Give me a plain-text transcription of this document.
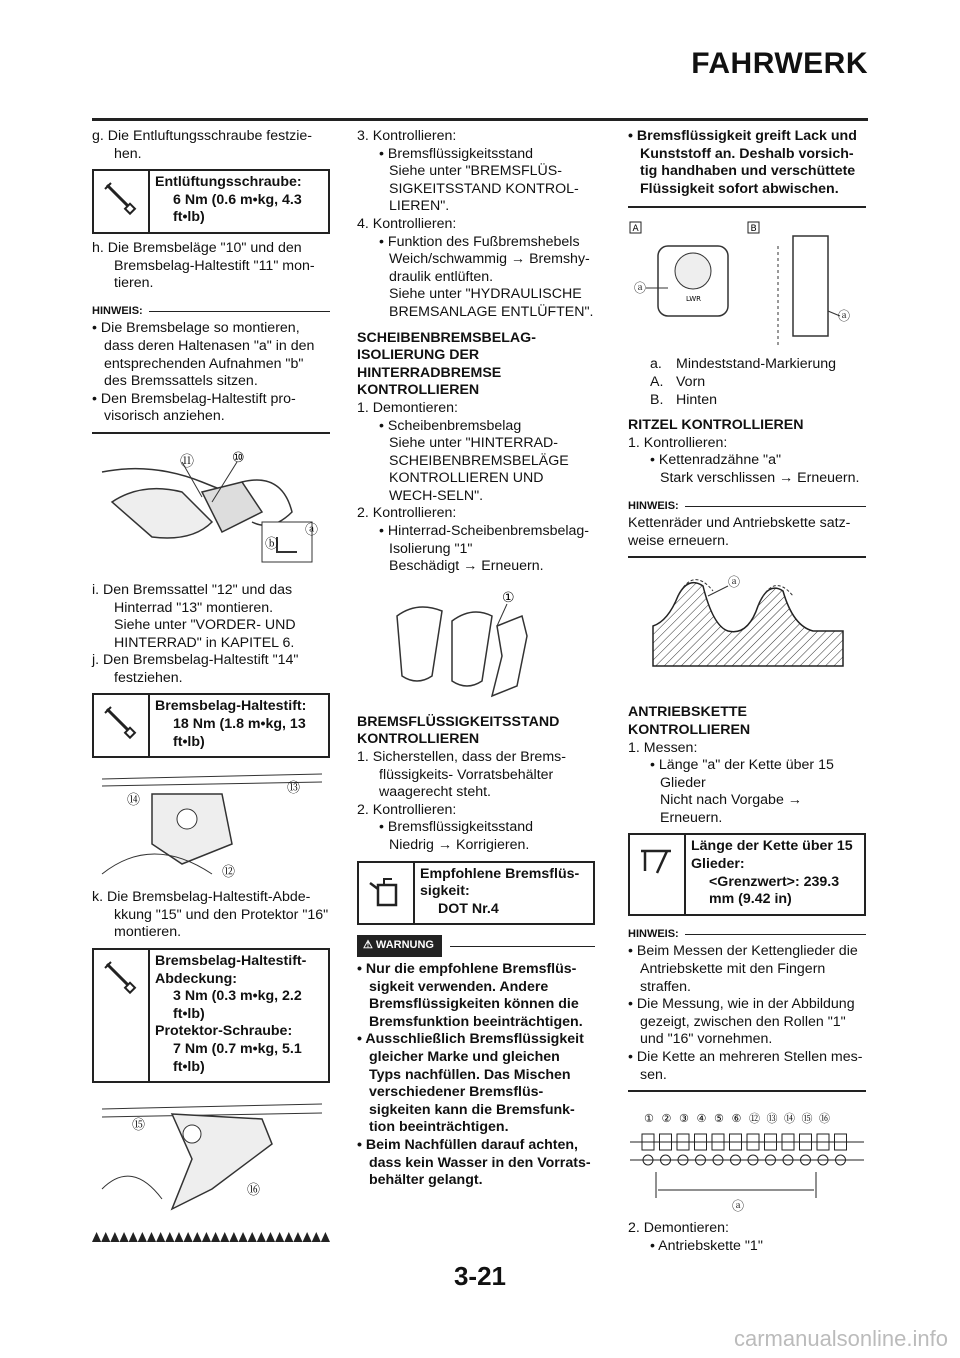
FAHRWERK

g. Die Entluftungsschraube festzie-hen.

Entlüftungsschraube:
6 Nm (0.6 m•kg, 4.3 ft•lb)

h. Die Bremsbeläge "10" und den Bremsbelag-Haltestift "11" mon-tieren.

HINWEIS:

• Die Bremsbelage so montieren, dass deren Haltenasen "a" in den entsprechenden Aufnahmen "b" des Bremssattels sitzen.

• Den Bremsbelag-Haltestift pro-visorisch anziehen.

⑪	⑩
ⓑ
ⓐ

i. Den Bremssattel "12" und das Hinterrad "13" montieren.

Siehe unter "VORDER- UND HINTERRAD" in KAPITEL 6.

j. Den Bremsbelag-Haltestift "14" festziehen.

Bremsbelag-Haltestift:
18 Nm (1.8 m•kg, 13 ft•lb)
⑬
⑭
⑫

k. Die Bremsbelag-Haltestift-Abde-kkung "15" und den Protektor "16" montieren.

Bremsbelag-Haltestift-Abdeckung:
3 Nm (0.3 m•kg, 2.2 ft•lb)
Protektor-Schraube:
7 Nm (0.7 m•kg, 5.1 ft•lb)
⑮
⑯

3. Kontrollieren:

• Bremsflüssigkeitsstand

Siehe unter "BREMSFLÜS-SIGKEITSSTAND KONTROL-LIEREN".

4. Kontrollieren:

• Funktion des Fußbremshebels

Weich/schwammig → Bremshy-draulik entlüften.

Siehe unter "HYDRAULISCHE BREMSANLAGE ENTLÜFTEN".

SCHEIBENBREMSBELAG-ISOLIERUNG DER HINTERRADBREMSE KONTROLLIEREN

1. Demontieren:

• Scheibenbremsbelag

Siehe unter "HINTERRAD-SCHEIBENBREMSBELÄGE KONTROLLIEREN UND WECH-SELN".

2. Kontrollieren:

• Hinterrad-Scheibenbremsbelag-Isolierung "1"

Beschädigt → Erneuern.

①

BREMSFLÜSSIGKEITSSTAND KONTROLLIEREN

1. Sicherstellen, dass der Brems-flüssigkeits- Vorratsbehälter waagerecht steht.

2. Kontrollieren:

• Bremsflüssigkeitsstand

Niedrig → Korrigieren.

Empfohlene Bremsflüs-sigkeit:
DOT Nr.4
⚠ WARNUNG

• Nur die empfohlene Bremsflüs-sigkeit verwenden. Andere Bremsflüssigkeiten können die Bremsfunktion beeinträchtigen.

• Ausschließlich Bremsflüssigkeit gleicher Marke und gleichen Typs nachfüllen. Das Mischen verschiedener Bremsflüs-sigkeiten kann die Bremsfunk-tion beeinträchtigen.

• Beim Nachfüllen darauf achten, dass kein Wasser in den Vorrats-behälter gelangt.

• Bremsflüssigkeit greift Lack und Kunststoff an. Deshalb vorsich-tig handhaben und verschüttete Flüssigkeit sofort abwischen.

A	B
LWR
ⓐ
ⓐ
a. Mindeststand-Markierung
A. Vorn
B. Hinten

RITZEL KONTROLLIEREN

1. Kontrollieren:

• Kettenradzähne "a"

Stark verschlissen → Erneuern.

HINWEIS:

Kettenräder und Antriebskette satz-weise erneuern.

ⓐ

ANTRIEBSKETTE KONTROLLIEREN

1. Messen:

• Länge "a" der Kette über 15 Glieder

Nicht nach Vorgabe → Erneuern.

Länge der Kette über 15 Glieder:
<Grenzwert>: 239.3 mm (9.42 in)
HINWEIS:

• Beim Messen der Kettenglieder die Antriebskette mit den Fingern straffen.

• Die Messung, wie in der Abbildung gezeigt, zwischen den Rollen "1" und "16" vornehmen.

• Die Kette an mehreren Stellen mes-sen.

① ② ③ ④ ⑤ ⑥ ⑫ ⑬ ⑭ ⑮ ⑯
ⓐ

2. Demontieren:

• Antriebskette "1"

3-21
carmanualsonline.info
